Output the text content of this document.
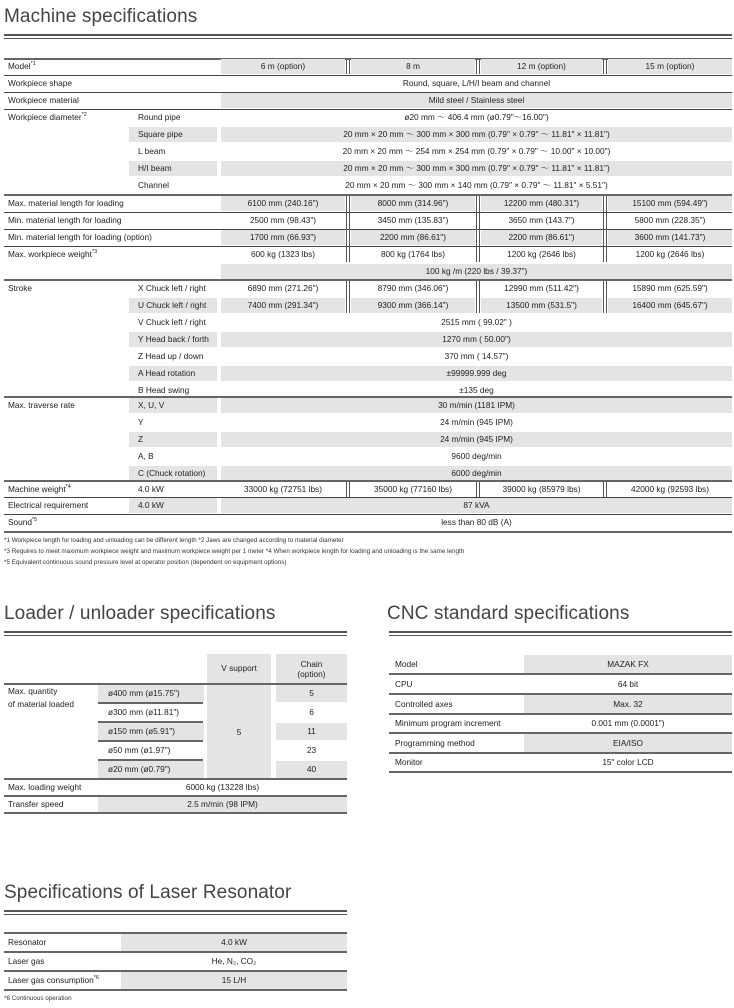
Machine specifications
Model$^{*1}$	6 m (option)	8 m	12 m (option)	15 m (option)
Workpiece shape	Round, square, L/H/I beam and channel
Workpiece material	Mild steel / Stainless steel
Workpiece diameter$^{*2}$	Round pipe	ø20 mm ～ 406.4 mm (ø0.79"～16.00")
Square pipe	20 mm × 20 mm ～ 300 mm × 300 mm (0.79" × 0.79" ～ 11.81" × 11.81")
L beam	20 mm × 20 mm ～ 254 mm × 254 mm (0.79" × 0.79" ～ 10.00" × 10.00")
H/I beam	20 mm × 20 mm ～ 300 mm × 300 mm (0.79" × 0.79" ～ 11.81" × 11.81")
Channel	20 mm × 20 mm ～ 300 mm × 140 mm (0.79" × 0.79" ～ 11.81" × 5.51")
Max. material length for loading	6100 mm (240.16")	8000 mm (314.96")	12200 mm (480.31")	15100 mm (594.49")
Min. material length for loading	2500 mm (98.43")	3450 mm (135.83")	3650 mm (143.7")	5800 mm (228.35")
Min. material length for loading (option)	1700 mm (66.93")	2200 mm (86.61")	2200 mm (86.61")	3600 mm (141.73")
Max. workpiece weight$^{*3}$	600 kg (1323 lbs)	800 kg (1764 lbs)	1200 kg (2646 lbs)	1200 kg (2646 lbs)
100 kg /m (220 lbs / 39.37")
Stroke	X Chuck left / right	6890 mm (271.26")	8790 mm (346.06")	12990 mm (511.42")	15890 mm (625.59")
U Chuck left / right	7400 mm (291.34")	9300 mm (366.14")	13500 mm (531.5")	16400 mm (645.67")
V Chuck left / right	2515 mm ( 99.02" )
Y Head back / forth	1270 mm ( 50.00")
Z Head up / down	370 mm ( 14.57")
A Head rotation	±99999.999 deg
B Head swing	±135 deg
Max. traverse rate	X, U, V	30 m/min (1181 IPM)
Y	24 m/min (945 IPM)
Z	24 m/min (945 IPM)
A, B	9600 deg/min
C (Chuck rotation)	6000 deg/min
Machine weight$^{*4}$	4.0 kW	33000 kg (72751 lbs)	35000 kg (77160 lbs)	39000 kg (85979 lbs)	42000 kg (92593 lbs)
Electrical requirement	4.0 kW	87 kVA
Sound$^{*5}$	less than 80 dB (A)
*1 Workpiece length for loading and unloading can be different length *2 Jaws are changed according to material diameter
*3 Requires to meet maximum workpiece weight and maximum workpiece weight per 1 meter *4 When workpiece length for loading and unloading is the same length
*5 Equivalent continuous sound pressure level at operator position (dependent on equipment options)
Loader / unloader specifications
V support	Chain
(option)
Max. quantity
of material loaded
5
ø400 mm (ø15.75")	5
ø300 mm (ø11.81")	6
ø150 mm (ø5.91")	11
ø50 mm (ø1.97")	23
ø20 mm (ø0.79")	40
Max. loading weight	6000 kg (13228 lbs)
Transfer speed	2.5 m/min (98 IPM)
CNC standard specifications
Model	MAZAK FX
CPU	64 bit
Controlled axes	Max. 32
Minimum program increment	0.001 mm (0.0001")
Programming method	EIA/ISO
Monitor	15" color LCD
Specifications of Laser Resonator
Resonator	4.0 kW
Laser gas	He, N₂, CO₂
Laser gas consumption$^{*6}$	15 L/H
*6 Continuous operation
